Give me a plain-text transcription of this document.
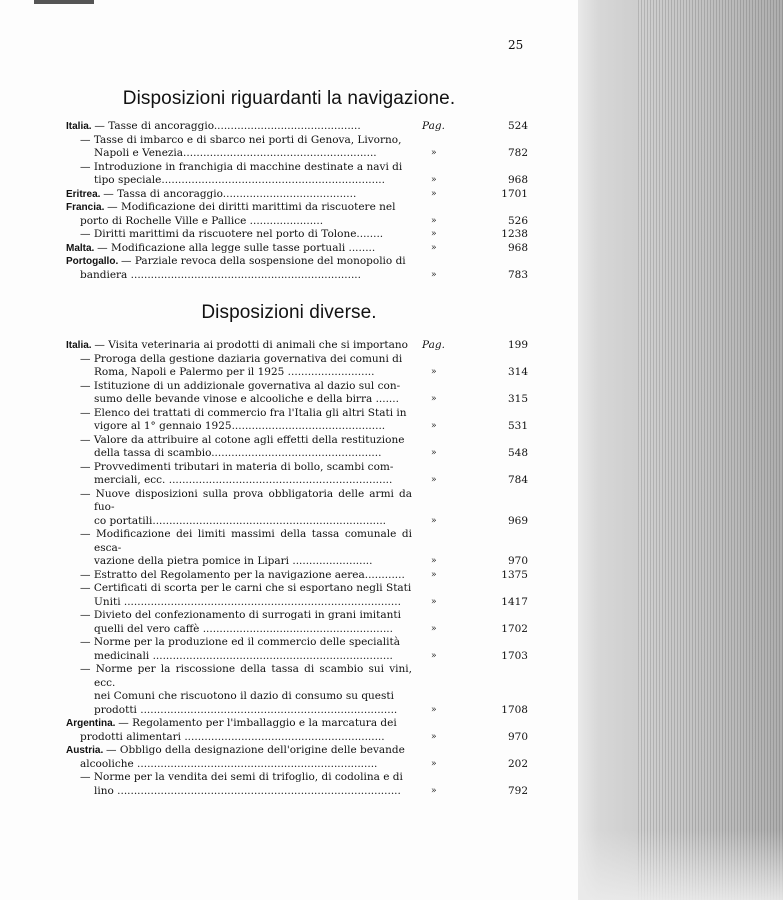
25
Disposizioni riguardanti la navigazione.
Italia. — Tasse di ancoraggio............................................	Pag.	524
— Tasse di imbarco e di sbarco nei porti di Genova, Livorno,
Napoli e Venezia..........................................................	»	782
— Introduzione in franchigia di macchine destinate a navi di
tipo speciale...................................................................	»	968
Eritrea. — Tassa di ancoraggio........................................	»	1701
Francia. — Modificazione dei diritti marittimi da riscuotere nel
porto di Rochelle Ville e Pallice ......................	»	526
— Diritti marittimi da riscuotere nel porto di Tolone........	»	1238
Malta. — Modificazione alla legge sulle tasse portuali ........	»	968
Portogallo. — Parziale revoca della sospensione del monopolio di
bandiera .....................................................................	»	783
Disposizioni diverse.
Italia. — Visita veterinaria ai prodotti di animali che si importano	Pag.	199
— Proroga della gestione daziaria governativa dei comuni di
Roma, Napoli e Palermo per il 1925 ..........................	»	314
— Istituzione di un addizionale governativa al dazio sul con-
sumo delle bevande vinose e alcooliche e della birra .......	»	315
— Elenco dei trattati di commercio fra l'Italia gli altri Stati in
vigore al 1° gennaio 1925..............................................	»	531
— Valore da attribuire al cotone agli effetti della restituzione
della tassa di scambio...................................................	»	548
— Provvedimenti tributari in materia di bollo, scambi com-
merciali, ecc. ...................................................................	»	784
— Nuove disposizioni sulla prova obbligatoria delle armi da fuo-
co portatili......................................................................	»	969
— Modificazione dei limiti massimi della tassa comunale di esca-
vazione della pietra pomice in Lipari ........................	»	970
— Estratto del Regolamento per la navigazione aerea............	»	1375
— Certificati di scorta per le carni che si esportano negli Stati
Uniti ...................................................................................	»	1417
— Divieto del confezionamento di surrogati in grani imitanti
quelli del vero caffè .........................................................	»	1702
— Norme per la produzione ed il commercio delle specialità
medicinali ........................................................................	»	1703
— Norme per la riscossione della tassa di scambio sui vini, ecc.
nei Comuni che riscuotono il dazio di consumo su questi
prodotti .............................................................................	»	1708
Argentina. — Regolamento per l'imballaggio e la marcatura dei
prodotti alimentari ............................................................	»	970
Austria. — Obbligo della designazione dell'origine delle bevande
alcooliche ........................................................................	»	202
— Norme per la vendita dei semi di trifoglio, di codolina e di
lino .....................................................................................	»	792
